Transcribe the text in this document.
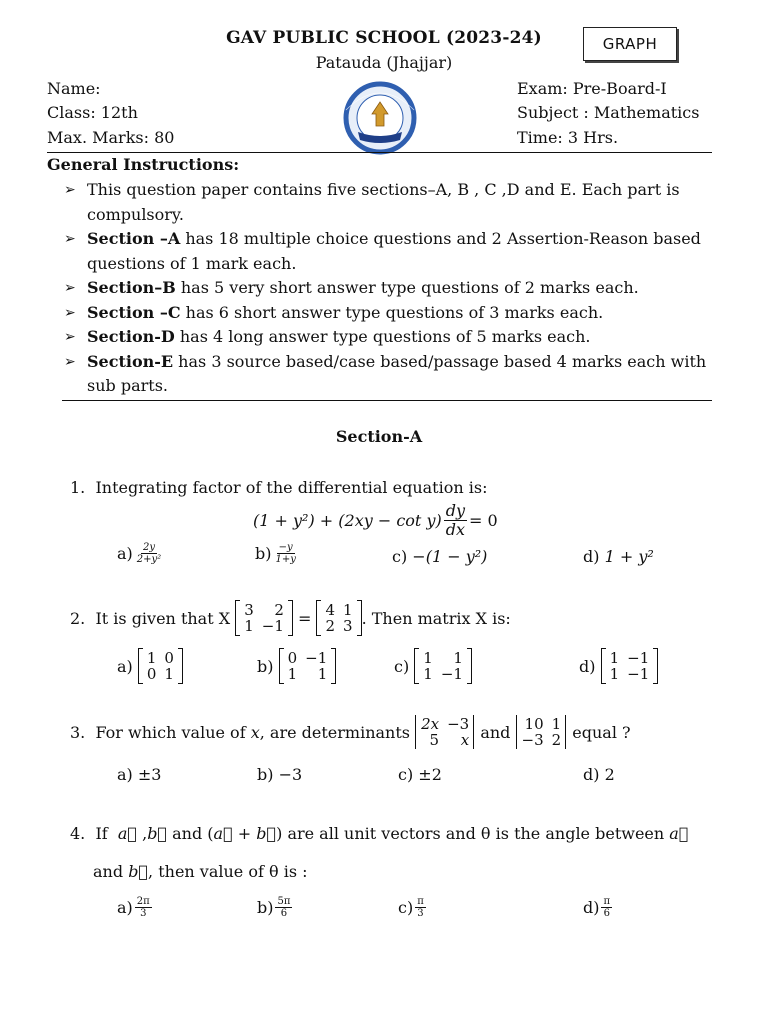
GAV PUBLIC SCHOOL (2023-24)
Pataudа (Jhajjar)
GRAPH
Name:
Class: 12th
Max. Marks: 80
Exam: Pre-Board-I
Subject : Mathematics
Time: 3 Hrs.
General Instructions:
➢ This question paper contains five sections–A, B , C ,D and E. Each part is compulsory.
➢ Section –A has 18 multiple choice questions and 2 Assertion-Reason based questions of 1 mark each.
➢ Section–B has 5 very short answer type questions of 2 marks each.
➢ Section –C has 6 short answer type questions of 3 marks each.
➢ Section-D has 4 long answer type questions of 5 marks each.
➢ Section-E has 3 source based/case based/passage based 4 marks each with sub parts.
Section-A
1. Integrating factor of the differential equation is:
$(1 + y^2) + (2xy - \cot y) \frac{dy}{dx} = 0$
$a) \frac{2y}{\text{2+y²}}$	$b) \frac{-y}{1+y}$	c)
−(1 − y²)	d)
1 + y²
2.
It is given that X
3	2
1	−1
=
4	1
2	3 . Then matrix X is:
a)
1	0
0	1	b)
0	−1
1	1	c)
1	1
1	−1	d)
1	−1
1	−1
3.
For which value of
x , are determinants
2x	−3
5	x
and
10	1
−3	2
equal ?
a) ±3	b) −3	c) ±2	d) 2
4. If a ,b and (a + b) are all unit vectors and θ is the angle between a
and b, then value of θ is :
$a) \frac{2\pi}{3}$	$b) \frac{5\pi}{6}$	$c) \frac{\pi}{3}$	$d) \frac{\pi}{6}$
